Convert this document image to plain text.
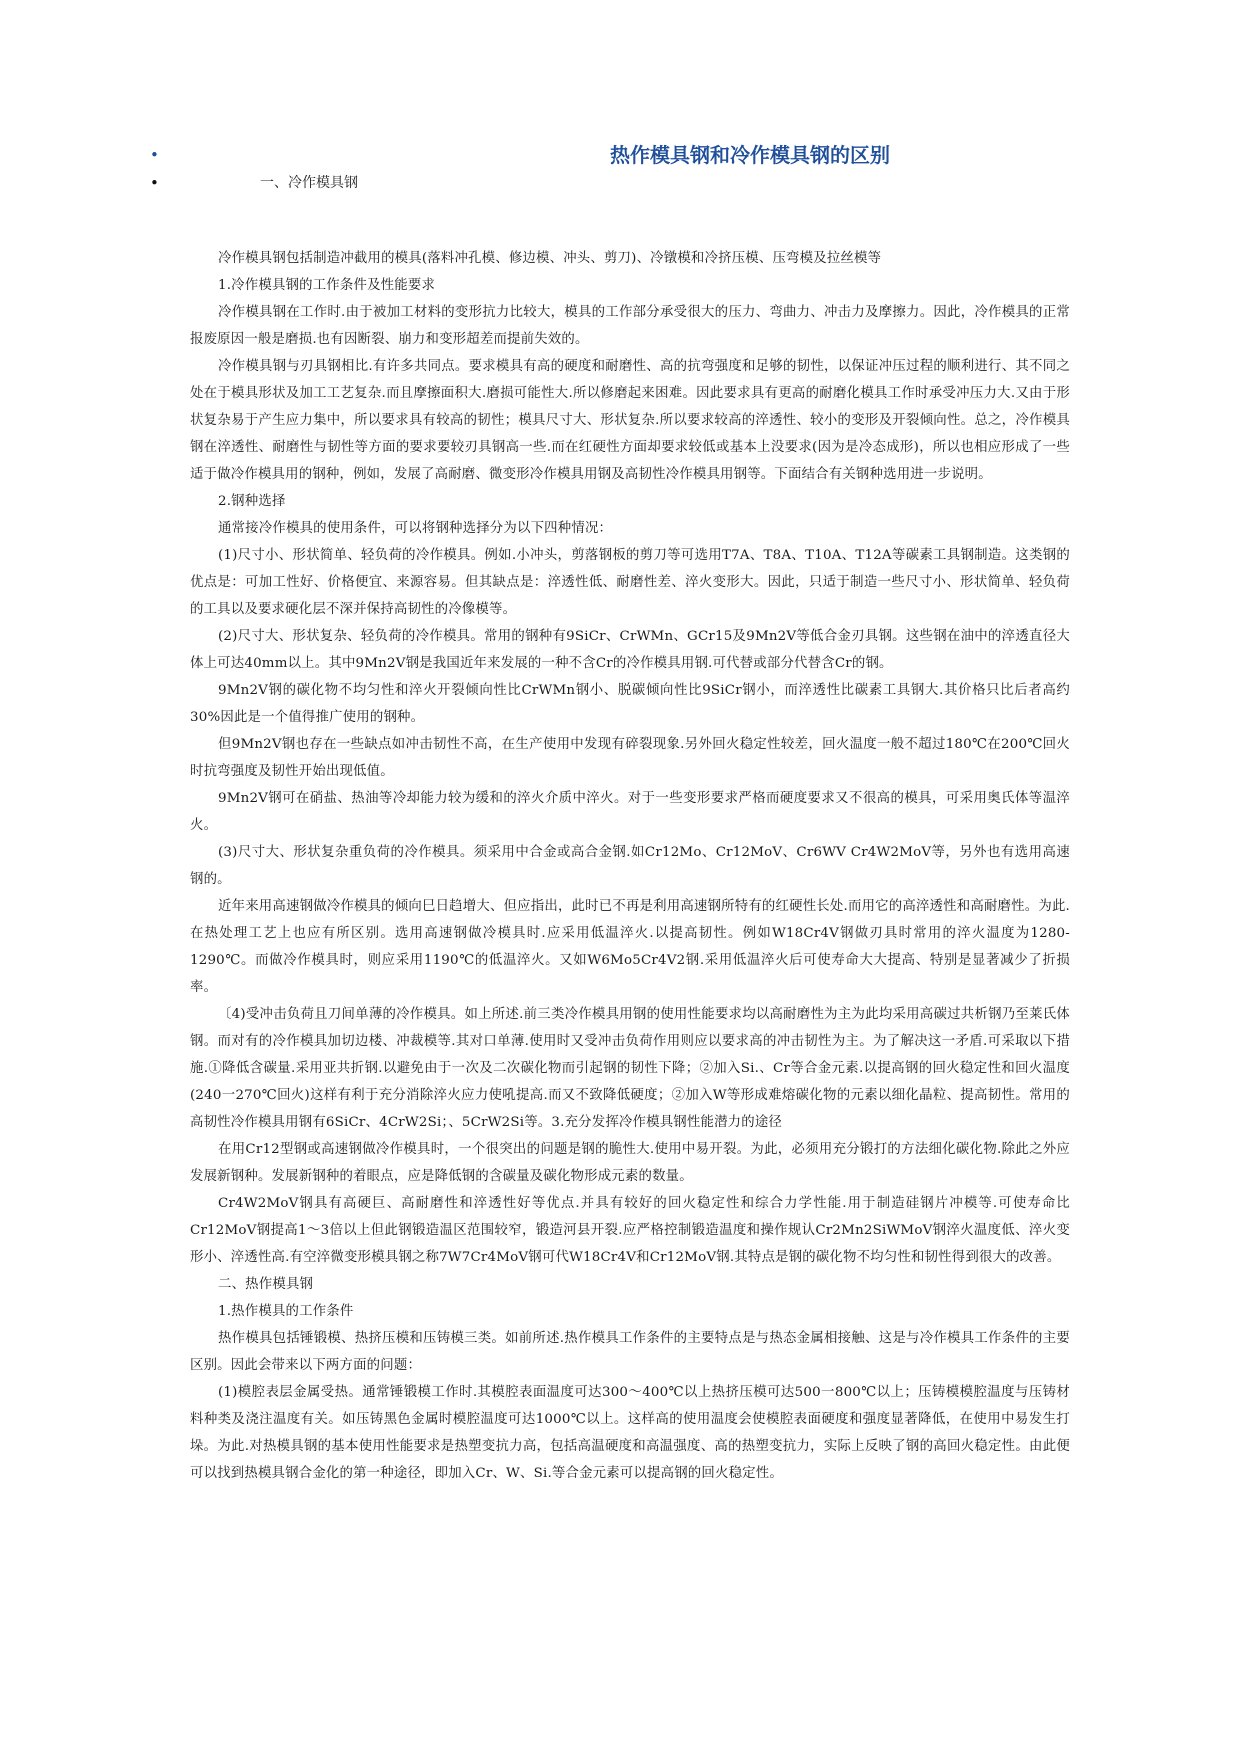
•	热作模具钢和冷作模具钢的区别
•	一、冷作模具钢

冷作模具钢包括制造冲截用的模具(落料冲孔模、修边模、冲头、剪刀)、冷镦模和冷挤压模、压弯模及拉丝模等

1.冷作模具钢的工作条件及性能要求

冷作模具钢在工作时.由于被加工材料的变形抗力比较大，模具的工作部分承受很大的压力、弯曲力、冲击力及摩擦力。因此，冷作模具的正常报废原因一般是磨损.也有因断裂、崩力和变形超差而提前失效的。

冷作模具钢与刃具钢相比.有许多共同点。要求模具有高的硬度和耐磨性、高的抗弯强度和足够的韧性，以保证冲压过程的顺利进行、其不同之处在于模具形状及加工工艺复杂.而且摩擦面积大.磨损可能性大.所以修磨起来困难。因此要求具有更高的耐磨化模具工作时承受冲压力大.又由于形状复杂易于产生应力集中，所以要求具有较高的韧性；模具尺寸大、形状复杂.所以要求较高的淬透性、较小的变形及开裂倾向性。总之，冷作模具钢在淬透性、耐磨性与韧性等方面的要求要较刃具钢高一些.而在红硬性方面却要求较低或基本上没要求(因为是冷态成形)，所以也相应形成了一些适于做冷作模具用的钢种，例如，发展了高耐磨、微变形冷作模具用钢及高韧性冷作模具用钢等。下面结合有关钢种选用进一步说明。

2.钢种选择

通常接冷作模具的使用条件，可以将钢种选择分为以下四种情况：

(1)尺寸小、形状简单、轻负荷的冷作模具。例如.小冲头，剪落钢板的剪刀等可选用T7A、T8A、T10A、T12A等碳素工具钢制造。这类钢的优点是：可加工性好、价格便宜、来源容易。但其缺点是：淬透性低、耐磨性差、淬火变形大。因此，只适于制造一些尺寸小、形状简单、轻负荷的工具以及要求硬化层不深并保持高韧性的冷像模等。

(2)尺寸大、形状复杂、轻负荷的冷作模具。常用的钢种有9SiCr、CrWMn、GCr15及9Mn2V等低合金刃具钢。这些钢在油中的淬透直径大体上可达40mm以上。其中9Mn2V钢是我国近年来发展的一种不含Cr的冷作模具用钢.可代替或部分代替含Cr的钢。

9Mn2V钢的碳化物不均匀性和淬火开裂倾向性比CrWMn钢小、脱碳倾向性比9SiCr钢小，而淬透性比碳素工具钢大.其价格只比后者高约30%因此是一个值得推广使用的钢种。

但9Mn2V钢也存在一些缺点如冲击韧性不高，在生产使用中发现有碎裂现象.另外回火稳定性较差，回火温度一般不超过180℃在200℃回火时抗弯强度及韧性开始出现低值。

9Mn2V钢可在硝盐、热油等冷却能力较为缓和的淬火介质中淬火。对于一些变形要求严格而硬度要求又不很高的模具，可采用奥氏体等温淬火。

(3)尺寸大、形状复杂重负荷的冷作模具。须采用中合金或高合金钢.如Cr12Mo、Cr12MoV、Cr6WV Cr4W2MoV等，另外也有选用高速钢的。

近年来用高速钢做冷作模具的倾向巳日趋增大、但应指出，此时已不再是利用高速钢所特有的红硬性长处.而用它的高淬透性和高耐磨性。为此.在热处理工艺上也应有所区别。选用高速钢做冷模具时.应采用低温淬火.以提高韧性。例如W18Cr4V钢做刃具时常用的淬火温度为1280-1290℃。而做冷作模具时，则应采用1190℃的低温淬火。又如W6Mo5Cr4V2钢.采用低温淬火后可使寿命大大提高、特别是显著减少了折损率。

〔4)受冲击负荷且刀间单薄的冷作模具。如上所述.前三类冷作模具用钢的使用性能要求均以高耐磨性为主为此均采用高碳过共析钢乃至莱氏体钢。而对有的冷作模具加切边楼、冲裁模等.其对口单薄.使用时又受冲击负荷作用则应以要求高的冲击韧性为主。为了解决这一矛盾.可采取以下措施.①降低含碳量.采用亚共折钢.以避免由于一次及二次碳化物而引起钢的韧性下降；②加入Si.、Cr等合金元素.以提高钢的回火稳定性和回火温度(240一270℃回火)这样有利于充分消除淬火应力使吼提高.而又不致降低硬度；②加入W等形成难熔碳化物的元素以细化晶粒、提高韧性。常用的高韧性冷作模具用钢有6SiCr、4CrW2Si；、5CrW2Si等。3.充分发挥冷作模具钢性能潜力的途径

在用Cr12型钢或高速钢做冷作模具时，一个很突出的问题是钢的脆性大.使用中易开裂。为此，必须用充分锻打的方法细化碳化物.除此之外应发展新钢种。发展新钢种的着眼点，应是降低钢的含碳量及碳化物形成元素的数量。

Cr4W2MoV钢具有高硬巨、高耐磨性和淬透性好等优点.并具有较好的回火稳定性和综合力学性能.用于制造硅钢片冲模等.可使寿命比Cr12MoV钢提高1～3倍以上但此钢锻造温区范围较窄，锻造河县开裂.应严格控制锻造温度和操作规认Cr2Mn2SiWMoV钢淬火温度低、淬火变形小、淬透性高.有空淬微变形模具钢之称7W7Cr4MoV钢可代W18Cr4V和Cr12MoV钢.其特点是钢的碳化物不均匀性和韧性得到很大的改善。

二、热作模具钢

1.热作模具的工作条件

热作模具包括锤锻模、热挤压模和压铸模三类。如前所述.热作模具工作条件的主要特点是与热态金属相接触、这是与冷作模具工作条件的主要区别。因此会带来以下两方面的问题：

(1)模腔表层金属受热。通常锤锻模工作时.其模腔表面温度可达300～400℃以上热挤压模可达500一800℃以上；压铸模模腔温度与压铸材料种类及浇注温度有关。如压铸黑色金属时模腔温度可达1000℃以上。这样高的使用温度会使模腔表面硬度和强度显著降低，在使用中易发生打垛。为此.对热模具钢的基本使用性能要求是热塑变抗力高，包括高温硬度和高温强度、高的热塑变抗力，实际上反映了钢的高回火稳定性。由此便可以找到热模具钢合金化的第一种途径，即加入Cr、W、Si.等合金元素可以提高钢的回火稳定性。
